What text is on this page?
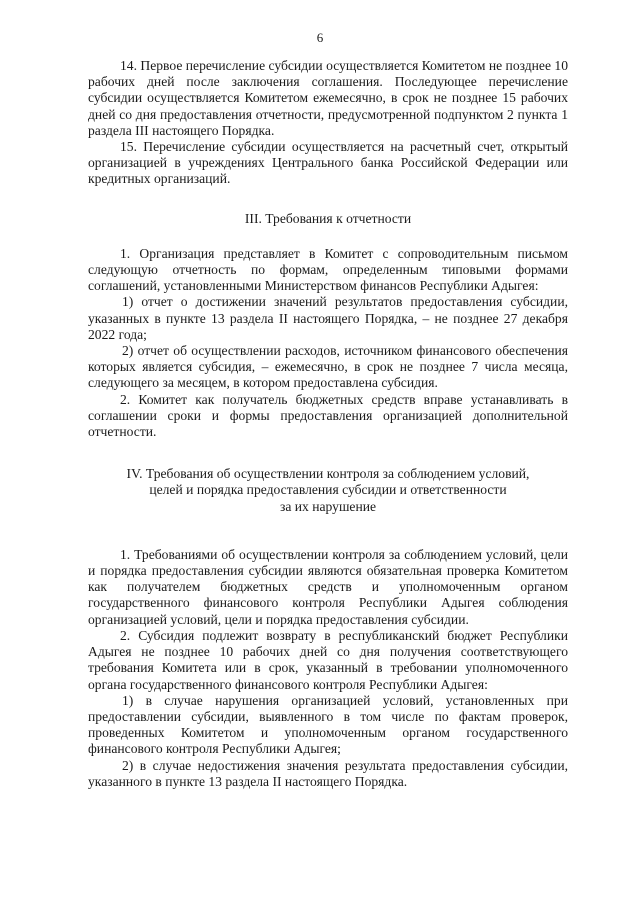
6

14. Первое перечисление субсидии осуществляется Комитетом не позднее 10 рабочих дней после заключения соглашения. Последующее перечисление субсидии осуществляется Комитетом ежемесячно, в срок не позднее 15 рабочих дней со дня предоставления отчетности, предусмотренной подпунктом 2 пункта 1 раздела III настоящего Порядка.

15. Перечисление субсидии осуществляется на расчетный счет, открытый организацией в учреждениях Центрального банка Российской Федерации или кредитных организаций.

III. Требования к отчетности

1. Организация представляет в Комитет с сопроводительным письмом следующую отчетность по формам, определенным типовыми формами соглашений, установленными Министерством финансов Республики Адыгея:

1) отчет о достижении значений результатов предоставления субсидии, указанных в пункте 13 раздела II настоящего Порядка, – не позднее 27 декабря 2022 года;

2) отчет об осуществлении расходов, источником финансового обеспечения которых является субсидия, – ежемесячно, в срок не позднее 7 числа месяца, следующего за месяцем, в котором предоставлена субсидия.

2. Комитет как получатель бюджетных средств вправе устанавливать в соглашении сроки и формы предоставления организацией дополнительной отчетности.

IV. Требования об осуществлении контроля за соблюдением условий,
целей и порядка предоставления субсидии и ответственности
за их нарушение

1. Требованиями об осуществлении контроля за соблюдением условий, цели и порядка предоставления субсидии являются обязательная проверка Комитетом как получателем бюджетных средств и уполномоченным органом государственного финансового контроля Республики Адыгея соблюдения организацией условий, цели и порядка предоставления субсидии.

2. Субсидия подлежит возврату в республиканский бюджет Республики Адыгея не позднее 10 рабочих дней со дня получения соответствующего требования Комитета или в срок, указанный в требовании уполномоченного органа государственного финансового контроля Республики Адыгея:

1) в случае нарушения организацией условий, установленных при предоставлении субсидии, выявленного в том числе по фактам проверок, проведенных Комитетом и уполномоченным органом государственного финансового контроля Республики Адыгея;

2) в случае недостижения значения результата предоставления субсидии, указанного в пункте 13 раздела II настоящего Порядка.
